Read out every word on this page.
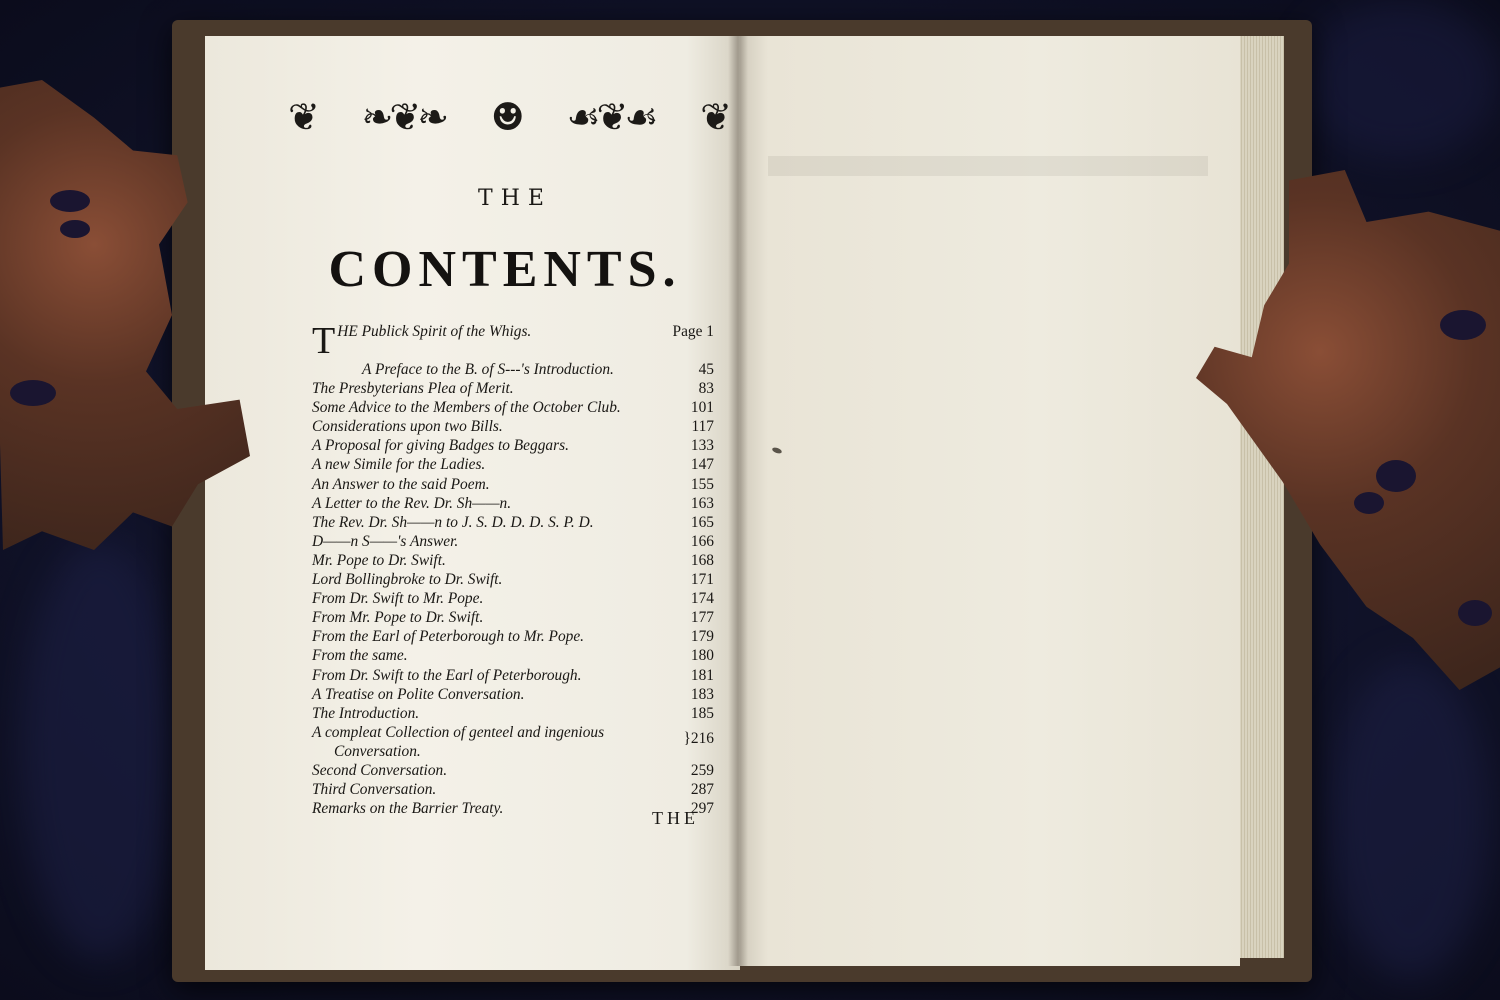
❦ ❧❦❧ ☻ ☙❦☙ ❦
THE
CONTENTS.
THE Publick Spirit of the Whigs.	Page 1
A Preface to the B. of S---'s Introduction.	45
The Presbyterians Plea of Merit.	83
Some Advice to the Members of the October Club.	101
Considerations upon two Bills.	117
A Proposal for giving Badges to Beggars.	133
A new Simile for the Ladies.	147
An Answer to the said Poem.	155
A Letter to the Rev. Dr. Sh——n.	163
The Rev. Dr. Sh——n to J. S. D. D. D. S. P. D.	165
D——n S——'s Answer.	166
Mr. Pope to Dr. Swift.	168
Lord Bollingbroke to Dr. Swift.	171
From Dr. Swift to Mr. Pope.	174
From Mr. Pope to Dr. Swift.	177
From the Earl of Peterborough to Mr. Pope.	179
From the same.	180
From Dr. Swift to the Earl of Peterborough.	181
A Treatise on Polite Conversation.	183
The Introduction.	185
A compleat Collection of genteel and ingenious
Conversation.
}216
Second Conversation.	259
Third Conversation.	287
Remarks on the Barrier Treaty.	297
THE
